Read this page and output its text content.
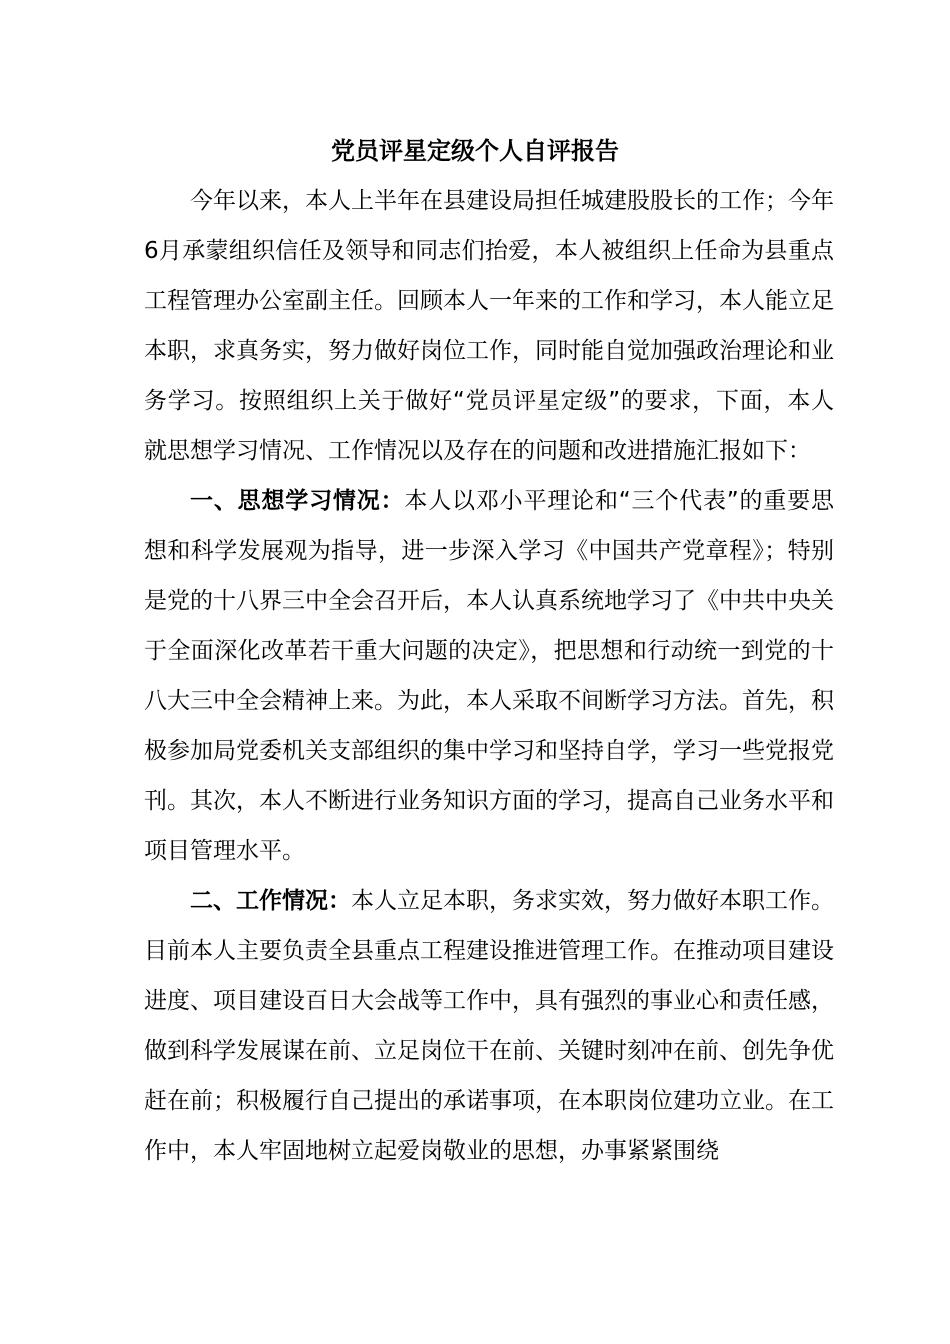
党员评星定级个人自评报告

今年以来，本人上半年在县建设局担任城建股股长的工作；今年6月承蒙组织信任及领导和同志们抬爱，本人被组织上任命为县重点工程管理办公室副主任。回顾本人一年来的工作和学习，本人能立足本职，求真务实，努力做好岗位工作，同时能自觉加强政治理论和业务学习。按照组织上关于做好“党员评星定级”的要求，下面，本人就思想学习情况、工作情况以及存在的问题和改进措施汇报如下：

一、思想学习情况：本人以邓小平理论和“三个代表”的重要思想和科学发展观为指导，进一步深入学习《中国共产党章程》；特别是党的十八界三中全会召开后，本人认真系统地学习了《中共中央关于全面深化改革若干重大问题的决定》，把思想和行动统一到党的十八大三中全会精神上来。为此，本人采取不间断学习方法。首先，积极参加局党委机关支部组织的集中学习和坚持自学，学习一些党报党刊。其次，本人不断进行业务知识方面的学习，提高自己业务水平和项目管理水平。

二、工作情况：本人立足本职，务求实效，努力做好本职工作。目前本人主要负责全县重点工程建设推进管理工作。在推动项目建设进度、项目建设百日大会战等工作中，具有强烈的事业心和责任感，做到科学发展谋在前、立足岗位干在前、关键时刻冲在前、创先争优赶在前；积极履行自己提出的承诺事项，在本职岗位建功立业。在工作中，本人牢固地树立起爱岗敬业的思想，办事紧紧围绕
